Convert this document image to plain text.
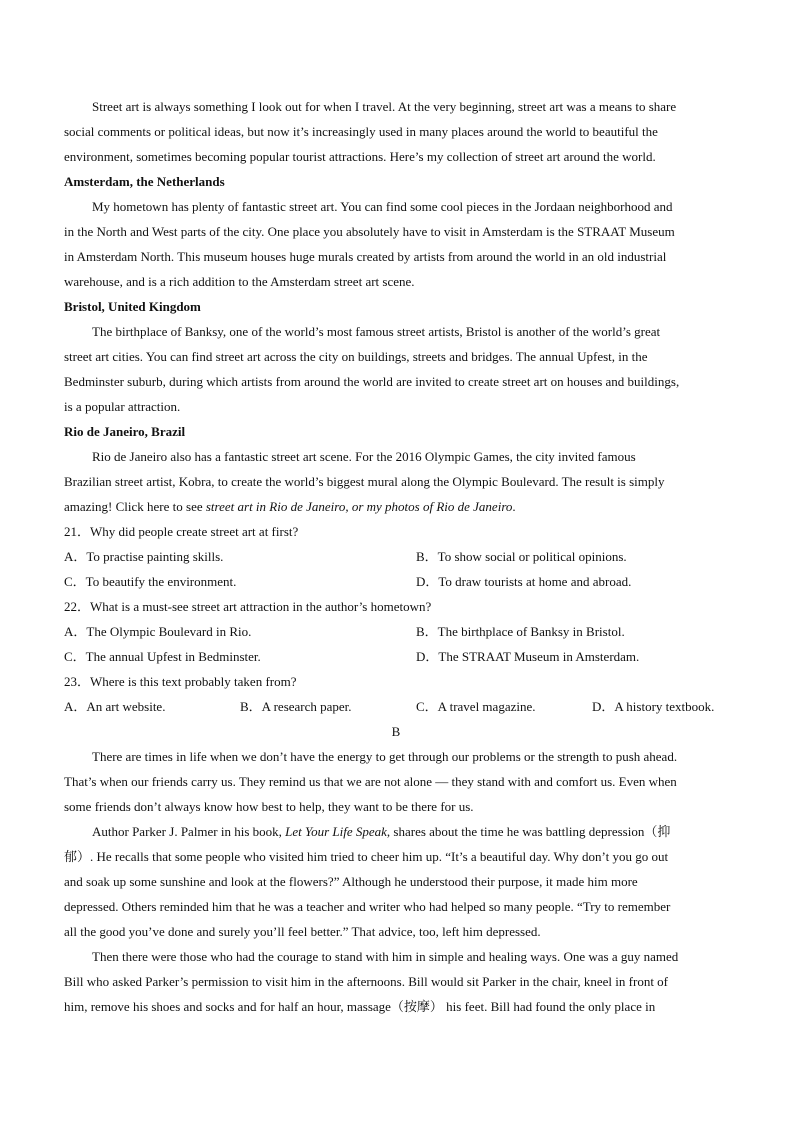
Street art is always something I look out for when I travel. At the very beginning, street art was a means to share
social comments or political ideas, but now it’s increasingly used in many places around the world to beautiful the
environment, sometimes becoming popular tourist attractions. Here’s my collection of street art around the world.
Amsterdam, the Netherlands
My hometown has plenty of fantastic street art. You can find some cool pieces in the Jordaan neighborhood and
in the North and West parts of the city. One place you absolutely have to visit in Amsterdam is the STRAAT Museum
in Amsterdam North. This museum houses huge murals created by artists from around the world in an old industrial
warehouse, and is a rich addition to the Amsterdam street art scene.
Bristol, United Kingdom
The birthplace of Banksy, one of the world’s most famous street artists, Bristol is another of the world’s great
street art cities. You can find street art across the city on buildings, streets and bridges. The annual Upfest, in the
Bedminster suburb, during which artists from around the world are invited to create street art on houses and buildings,
is a popular attraction.
Rio de Janeiro, Brazil
Rio de Janeiro also has a fantastic street art scene. For the 2016 Olympic Games, the city invited famous
Brazilian street artist, Kobra, to create the world’s biggest mural along the Olympic Boulevard. The result is simply
amazing! Click here to see street art in Rio de Janeiro, or my photos of Rio de Janeiro.
21．Why did people create street art at first?
A．To practise painting skills.	B．To show social or political opinions.
C．To beautify the environment.	D．To draw tourists at home and abroad.
22．What is a must-see street art attraction in the author’s hometown?
A．The Olympic Boulevard in Rio.	B．The birthplace of Banksy in Bristol.
C．The annual Upfest in Bedminster.	D．The STRAAT Museum in Amsterdam.
23．Where is this text probably taken from?
A．An art website.	B．A research paper.	C．A travel magazine.	D．A history textbook.
B
There are times in life when we don’t have the energy to get through our problems or the strength to push ahead.
That’s when our friends carry us. They remind us that we are not alone — they stand with and comfort us. Even when
some friends don’t always know how best to help, they want to be there for us.
Author Parker J. Palmer in his book, Let Your Life Speak, shares about the time he was battling depression（抑
郁）. He recalls that some people who visited him tried to cheer him up. “It’s a beautiful day. Why don’t you go out
and soak up some sunshine and look at the flowers?” Although he understood their purpose, it made him more
depressed. Others reminded him that he was a teacher and writer who had helped so many people. “Try to remember
all the good you’ve done and surely you’ll feel better.” That advice, too, left him depressed.
Then there were those who had the courage to stand with him in simple and healing ways. One was a guy named
Bill who asked Parker’s permission to visit him in the afternoons. Bill would sit Parker in the chair, kneel in front of
him, remove his shoes and socks and for half an hour, massage（按摩） his feet. Bill had found the only place in
